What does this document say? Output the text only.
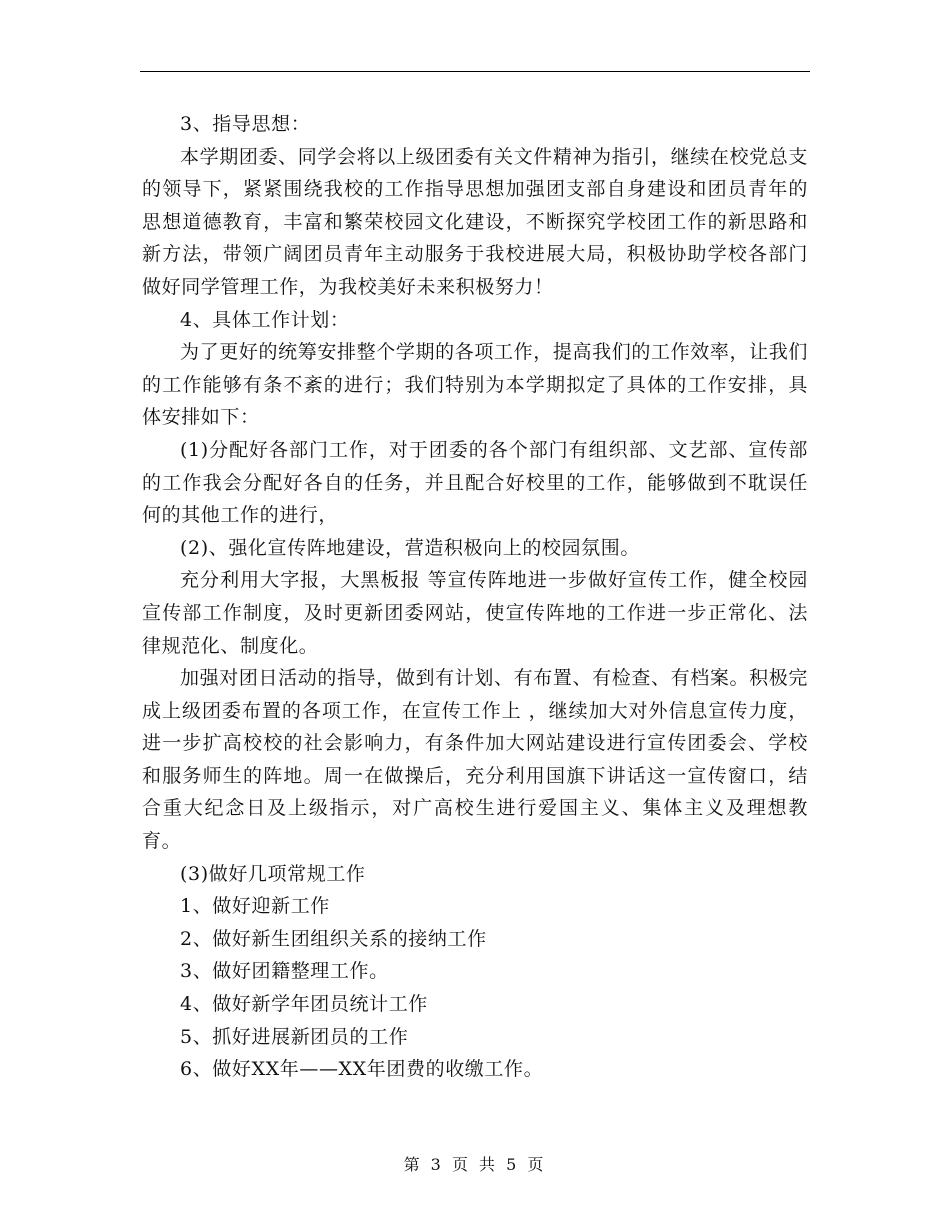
3、指导思想：

本学期团委、同学会将以上级团委有关文件精神为指引，继续在校党总支的领导下，紧紧围绕我校的工作指导思想加强团支部自身建设和团员青年的思想道德教育，丰富和繁荣校园文化建设，不断探究学校团工作的新思路和新方法，带领广阔团员青年主动服务于我校进展大局，积极协助学校各部门做好同学管理工作，为我校美好未来积极努力！

4、具体工作计划：

为了更好的统筹安排整个学期的各项工作，提高我们的工作效率，让我们的工作能够有条不紊的进行；我们特别为本学期拟定了具体的工作安排，具体安排如下：

(1)分配好各部门工作，对于团委的各个部门有组织部、文艺部、宣传部的工作我会分配好各自的任务，并且配合好校里的工作，能够做到不耽误任何的其他工作的进行，

(2)、强化宣传阵地建设，营造积极向上的校园氛围。

充分利用大字报，大黑板报 等宣传阵地进一步做好宣传工作，健全校园宣传部工作制度，及时更新团委网站，使宣传阵地的工作进一步正常化、法律规范化、制度化。

加强对团日活动的指导，做到有计划、有布置、有检查、有档案。积极完成上级团委布置的各项工作，在宣传工作上 ，继续加大对外信息宣传力度，进一步扩高校校的社会影响力，有条件加大网站建设进行宣传团委会、学校和服务师生的阵地。周一在做操后，充分利用国旗下讲话这一宣传窗口，结合重大纪念日及上级指示，对广高校生进行爱国主义、集体主义及理想教育。

(3)做好几项常规工作

1、做好迎新工作

2、做好新生团组织关系的接纳工作

3、做好团籍整理工作。

4、做好新学年团员统计工作

5、抓好进展新团员的工作

6、做好XX年——XX年团费的收缴工作。

第 3 页 共 5 页
